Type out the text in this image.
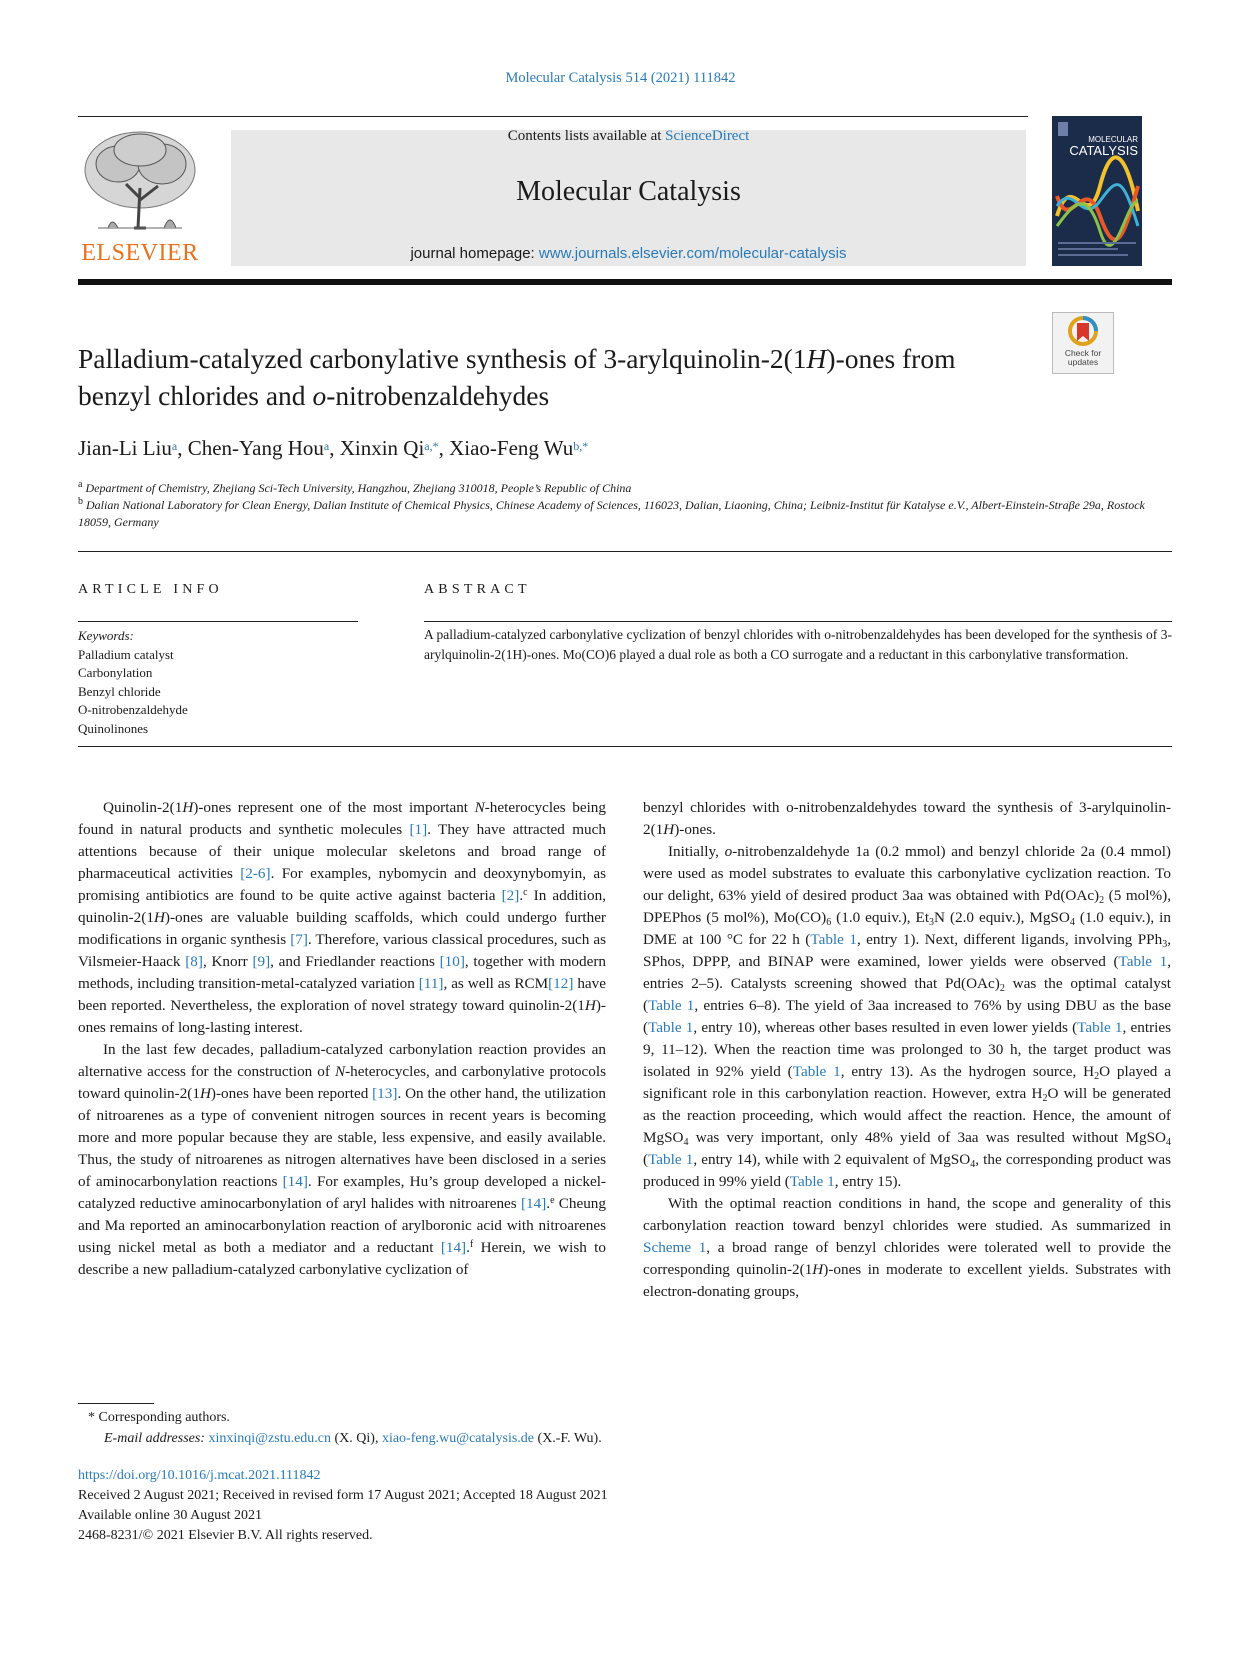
Molecular Catalysis 514 (2021) 111842
ELSEVIER
Contents lists available at ScienceDirect
Molecular Catalysis
journal homepage: www.journals.elsevier.com/molecular-catalysis
MOLECULAR
CATALYSIS
Check for updates
Palladium-catalyzed carbonylative synthesis of 3-arylquinolin-2(1H)-ones from benzyl chlorides and o-nitrobenzaldehydes
Jian-Li Liu$^a$, Chen-Yang Hou$^a$, Xinxin $Qi^{a,*}$, Xiao-Feng $Wu^{b,*}$
$^a$ Department of Chemistry, Zhejiang Sci-Tech University, Hangzhou, Zhejiang 310018, People’s Republic of China
$^b$ Dalian National Laboratory for Clean Energy, Dalian Institute of Chemical Physics, Chinese Academy of Sciences, 116023, Dalian, Liaoning, China; Leibniz-Institut für Katalyse e.V., Albert-Einstein-Straβe 29a, Rostock 18059, Germany
ARTICLE INFO	ABSTRACT
Keywords:
Palladium catalyst
Carbonylation
Benzyl chloride
O-nitrobenzaldehyde
Quinolinones
A palladium-catalyzed carbonylative cyclization of benzyl chlorides with o-nitrobenzaldehydes has been developed for the synthesis of 3-arylquinolin-2(1H)-ones. Mo(CO)6 played a dual role as both a CO surrogate and a reductant in this carbonylative transformation.

Quinolin-2(1H)-ones represent one of the most important N-heterocycles being found in natural products and synthetic molecules [1]. They have attracted much attentions because of their unique molecular skeletons and broad range of pharmaceutical activities [2-6]. For examples, nybomycin and deoxynybomyin, as promising antibiotics are found to be quite active against bacteria [2].$^c$ In addition, quinolin-2(1H)-ones are valuable building scaffolds, which could undergo further modifications in organic synthesis [7]. Therefore, various classical procedures, such as Vilsmeier-Haack [8], Knorr [9], and Friedlander reactions [10], together with modern methods, including transition-metal-catalyzed variation [11], as well as RCM[12] have been reported. Nevertheless, the exploration of novel strategy toward quinolin-2(1H)-ones remains of long-lasting interest.

In the last few decades, palladium-catalyzed carbonylation reaction provides an alternative access for the construction of N-heterocycles, and carbonylative protocols toward quinolin-2(1H)-ones have been reported [13]. On the other hand, the utilization of nitroarenes as a type of convenient nitrogen sources in recent years is becoming more and more popular because they are stable, less expensive, and easily available. Thus, the study of nitroarenes as nitrogen alternatives have been disclosed in a series of aminocarbonylation reactions [14]. For examples, Hu’s group developed a nickel-catalyzed reductive aminocarbonylation of aryl halides with nitroarenes [14].$^e$ Cheung and Ma reported an aminocarbonylation reaction of arylboronic acid with nitroarenes using nickel metal as both a mediator and a reductant [14].$^f$ Herein, we wish to describe a new palladium-catalyzed carbonylative cyclization of

benzyl chlorides with o-nitrobenzaldehydes toward the synthesis of 3-arylquinolin-2(1H)-ones.

Initially, o-nitrobenzaldehyde 1a (0.2 mmol) and benzyl chloride 2a (0.4 mmol) were used as model substrates to evaluate this carbonylative cyclization reaction. To our delight, 63% yield of desired product 3aa was obtained with $Pd(OAc)_2$ (5 mol%), DPEPhos (5 mol%), $Mo(CO)_6$ (1.0 equiv.), $Et_3N$ (2.0 equiv.), MgSO$_4$ (1.0 equiv.), in DME at 100 °C for 22 h (Table 1, entry 1). Next, different ligands, involving PPh$_3$, SPhos, DPPP, and BINAP were examined, lower yields were observed (Table 1, entries 2–5). Catalysts screening showed that $Pd(OAc)_2$ was the optimal catalyst (Table 1, entries 6–8). The yield of 3aa increased to 76% by using DBU as the base (Table 1, entry 10), whereas other bases resulted in even lower yields (Table 1, entries 9, 11–12). When the reaction time was prolonged to 30 h, the target product was isolated in 92% yield (Table 1, entry 13). As the hydrogen source, $H_2O$ played a significant role in this carbonylation reaction. However, extra $H_2O$ will be generated as the reaction proceeding, which would affect the reaction. Hence, the amount of MgSO$_4$ was very important, only 48% yield of 3aa was resulted without MgSO$_4$ (Table 1, entry 14), while with 2 equivalent of MgSO$_4$, the corresponding product was produced in 99% yield (Table 1, entry 15).

With the optimal reaction conditions in hand, the scope and generality of this carbonylation reaction toward benzyl chlorides were studied. As summarized in Scheme 1, a broad range of benzyl chlorides were tolerated well to provide the corresponding quinolin-2(1H)-ones in moderate to excellent yields. Substrates with electron-donating groups,

* Corresponding authors.
E-mail addresses: xinxinqi@zstu.edu.cn (X. Qi), xiao-feng.wu@catalysis.de (X.-F. Wu).
https://doi.org/10.1016/j.mcat.2021.111842
Received 2 August 2021; Received in revised form 17 August 2021; Accepted 18 August 2021
Available online 30 August 2021
2468-8231/© 2021 Elsevier B.V. All rights reserved.
